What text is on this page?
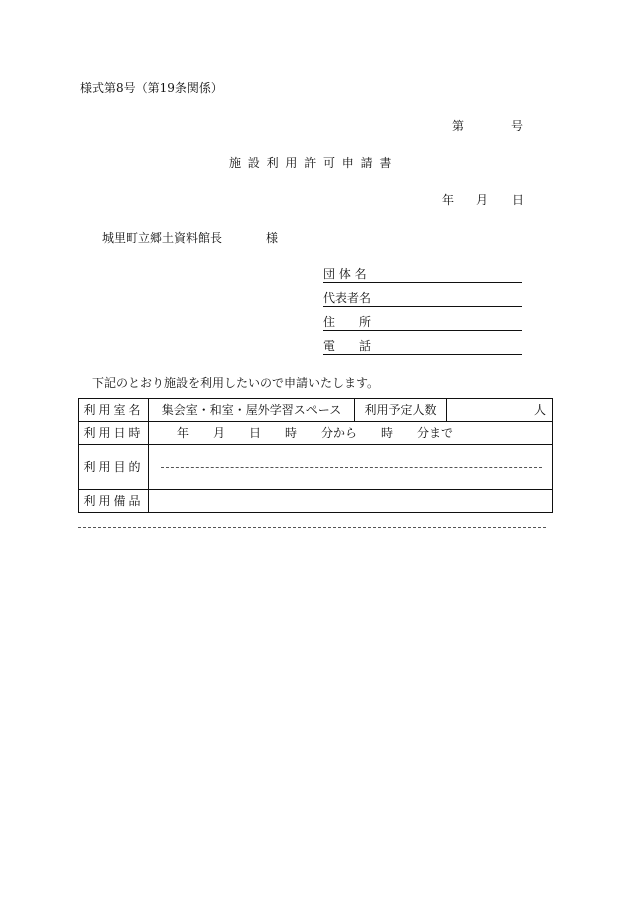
様式第8号（第19条関係）
第	号
施設利用許可申請書
年 月 日
城里町立郷土資料館長	様
団 体 名
代表者名
住　　所
電　　話
下記のとおり施設を利用したいので申請いたします。
利用室名	集会室・和室・屋外学習スペース	利用予定人数	人
利用日時	年　　月　　日　　時　　分から　　時　　分まで		
利用目的			

利用備品			
